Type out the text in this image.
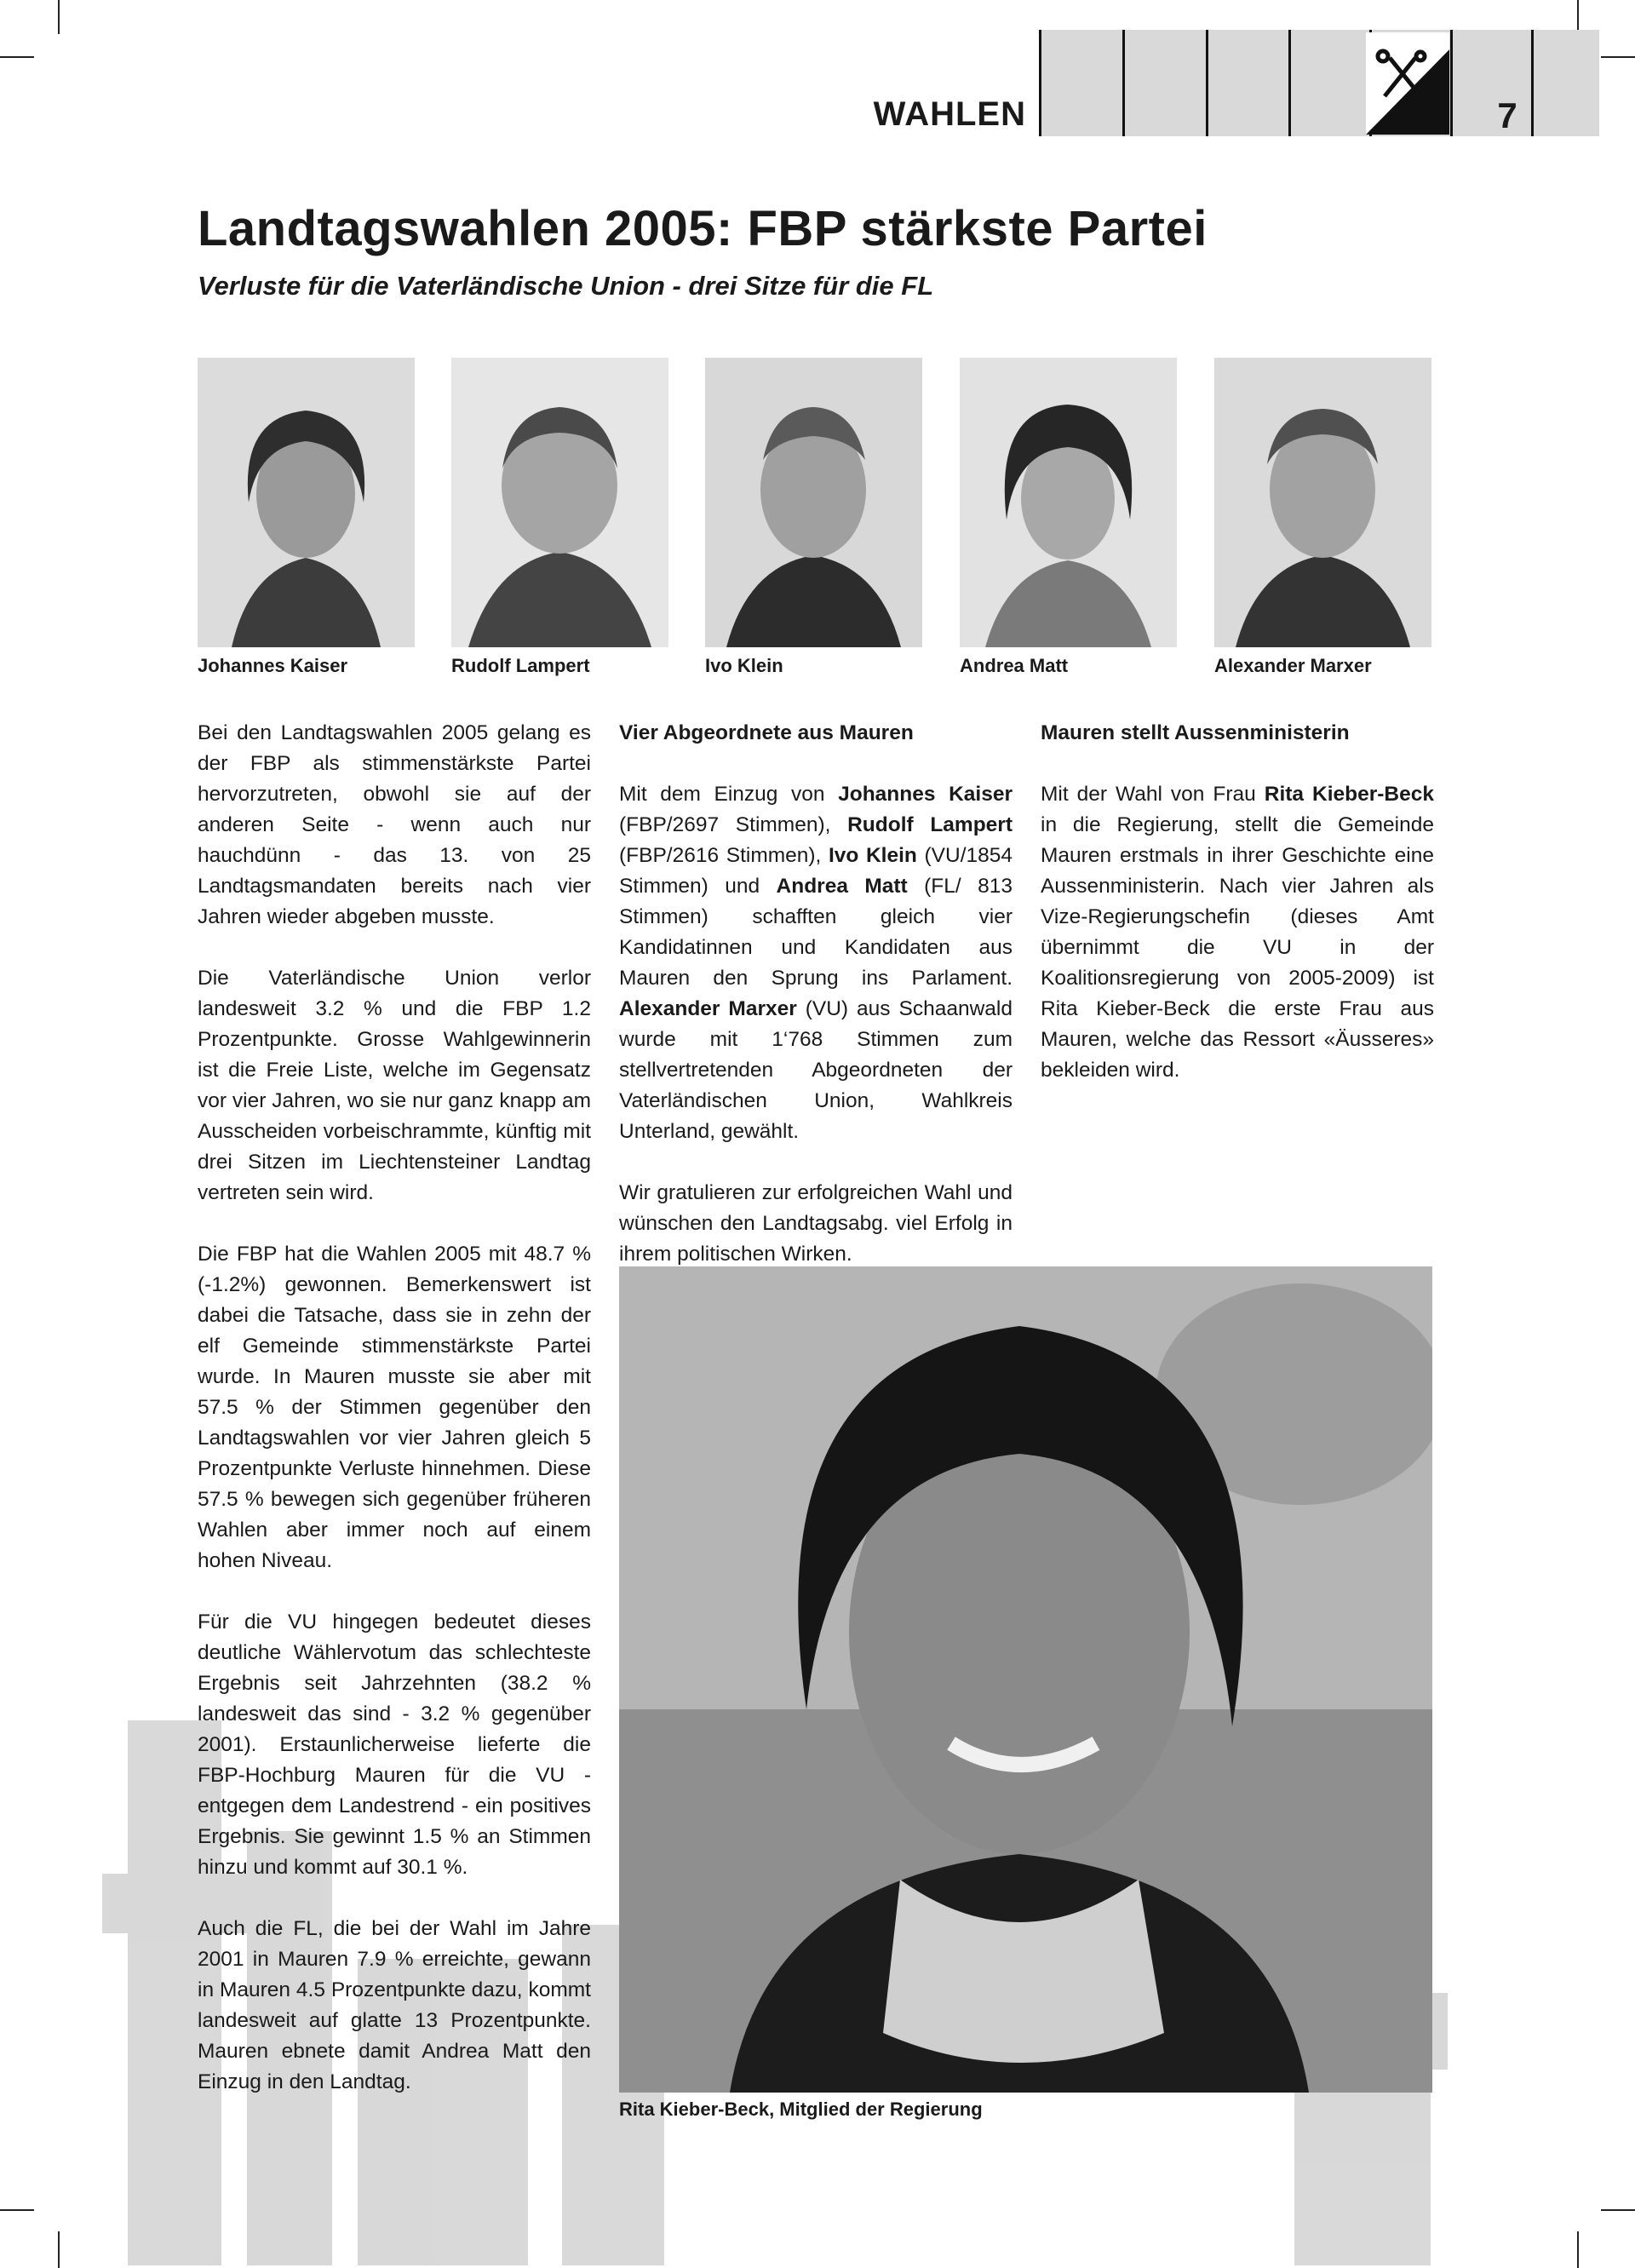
WAHLEN	7
Landtagswahlen 2005: FBP stärkste Partei
Verluste für die Vaterländische Union - drei Sitze für die FL
Johannes Kaiser	Rudolf Lampert	Ivo Klein	Andrea Matt	Alexander Marxer

Bei den Landtagswahlen 2005 gelang es der FBP als stimmenstärkste Partei hervorzutreten, obwohl sie auf der anderen Seite - wenn auch nur hauchdünn - das 13. von 25 Landtagsmandaten bereits nach vier Jahren wieder abgeben musste.

Die Vaterländische Union verlor landesweit 3.2 % und die FBP 1.2 Prozentpunkte. Grosse Wahlgewinnerin ist die Freie Liste, welche im Gegensatz vor vier Jahren, wo sie nur ganz knapp am Ausscheiden vorbeischrammte, künftig mit drei Sitzen im Liechtensteiner Landtag vertreten sein wird.

Die FBP hat die Wahlen 2005 mit 48.7 % (-1.2%) gewonnen. Bemerkenswert ist dabei die Tatsache, dass sie in zehn der elf Gemeinde stimmenstärkste Partei wurde. In Mauren musste sie aber mit 57.5 % der Stimmen gegenüber den Landtagswahlen vor vier Jahren gleich 5 Prozentpunkte Verluste hinnehmen. Diese 57.5 % bewegen sich gegenüber früheren Wahlen aber immer noch auf einem hohen Niveau.

Für die VU hingegen bedeutet dieses deutliche Wählervotum das schlechteste Ergebnis seit Jahrzehnten (38.2 % landesweit das sind - 3.2 % gegenüber 2001). Erstaunlicherweise lieferte die FBP-Hochburg Mauren für die VU - entgegen dem Landestrend - ein positives Ergebnis. Sie gewinnt 1.5 % an Stimmen hinzu und kommt auf 30.1 %.

Auch die FL, die bei der Wahl im Jahre 2001 in Mauren 7.9 % erreichte, gewann in Mauren 4.5 Prozentpunkte dazu, kommt landesweit auf glatte 13 Prozentpunkte. Mauren ebnete damit Andrea Matt den Einzug in den Landtag.

Vier Abgeordnete aus Mauren

Mit dem Einzug von Johannes Kaiser (FBP/2697 Stimmen), Rudolf Lampert (FBP/2616 Stimmen), Ivo Klein (VU/1854 Stimmen) und Andrea Matt (FL/ 813 Stimmen) schafften gleich vier Kandidatinnen und Kandidaten aus Mauren den Sprung ins Parlament. Alexander Marxer (VU) aus Schaanwald wurde mit 1‘768 Stimmen zum stellvertretenden Abgeordneten der Vaterländischen Union, Wahlkreis Unterland, gewählt.

Wir gratulieren zur erfolgreichen Wahl und wünschen den Landtagsabg. viel Erfolg in ihrem politischen Wirken.

Mauren stellt Aussenministerin

Mit der Wahl von Frau Rita Kieber-Beck in die Regierung, stellt die Gemeinde Mauren erstmals in ihrer Geschichte eine Aussenministerin. Nach vier Jahren als Vize-Regierungschefin (dieses Amt übernimmt die VU in der Koalitionsregierung von 2005-2009) ist Rita Kieber-Beck die erste Frau aus Mauren, welche das Ressort «Äusseres» bekleiden wird.

Rita Kieber-Beck, Mitglied der Regierung
